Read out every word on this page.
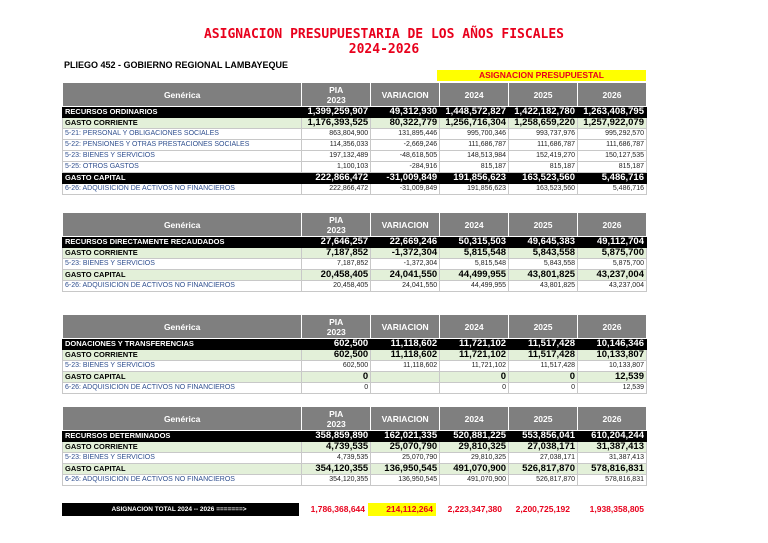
ASIGNACION PRESUPUESTARIA DE LOS AÑOS FISCALES
2024-2026
PLIEGO 452 - GOBIERNO REGIONAL LAMBAYEQUE
ASIGNACION PRESUPUESTAL
Genérica	PIA
2023	VARIACION	2024	2025	2026
RECURSOS ORDINARIOS	1,399,259,907	49,312,930	1,448,572,827	1,422,182,780	1,263,408,795
GASTO CORRIENTE	1,176,393,525	80,322,779	1,256,716,304	1,258,659,220	1,257,922,079
5-21: PERSONAL Y OBLIGACIONES SOCIALES	863,804,900	131,895,446	995,700,346	993,737,976	995,292,570
5-22: PENSIONES Y OTRAS PRESTACIONES SOCIALES	114,356,033	-2,669,246	111,686,787	111,686,787	111,686,787
5-23: BIENES Y SERVICIOS	197,132,489	-48,618,505	148,513,984	152,419,270	150,127,535
5-25: OTROS GASTOS	1,100,103	-284,916	815,187	815,187	815,187
GASTO CAPITAL	222,866,472	-31,009,849	191,856,623	163,523,560	5,486,716
6-26: ADQUISICION DE ACTIVOS NO FINANCIEROS	222,866,472	-31,009,849	191,856,623	163,523,560	5,486,716
Genérica	PIA
2023	VARIACION	2024	2025	2026
RECURSOS DIRECTAMENTE RECAUDADOS	27,646,257	22,669,246	50,315,503	49,645,383	49,112,704
GASTO CORRIENTE	7,187,852	-1,372,304	5,815,548	5,843,558	5,875,700
5-23: BIENES Y SERVICIOS	7,187,852	-1,372,304	5,815,548	5,843,558	5,875,700
GASTO CAPITAL	20,458,405	24,041,550	44,499,955	43,801,825	43,237,004
6-26: ADQUISICION DE ACTIVOS NO FINANCIEROS	20,458,405	24,041,550	44,499,955	43,801,825	43,237,004
Genérica	PIA
2023	VARIACION	2024	2025	2026
DONACIONES Y TRANSFERENCIAS	602,500	11,118,602	11,721,102	11,517,428	10,146,346
GASTO CORRIENTE	602,500	11,118,602	11,721,102	11,517,428	10,133,807
5-23: BIENES Y SERVICIOS	602,500	11,118,602	11,721,102	11,517,428	10,133,807
GASTO CAPITAL	0		0	0	12,539
6-26: ADQUISICION DE ACTIVOS NO FINANCIEROS	0		0	0	12,539
Genérica	PIA
2023	VARIACION	2024	2025	2026
RECURSOS DETERMINADOS	358,859,890	162,021,335	520,881,225	553,856,041	610,204,244
GASTO CORRIENTE	4,739,535	25,070,790	29,810,325	27,038,171	31,387,413
5-23: BIENES Y SERVICIOS	4,739,535	25,070,790	29,810,325	27,038,171	31,387,413
GASTO CAPITAL	354,120,355	136,950,545	491,070,900	526,817,870	578,816,831
6-26: ADQUISICION DE ACTIVOS NO FINANCIEROS	354,120,355	136,950,545	491,070,900	526,817,870	578,816,831
ASIGNACION TOTAL 2024 -- 2026 =======>	1,786,368,644	214,112,264	2,223,347,380	2,200,725,192	1,938,358,805
